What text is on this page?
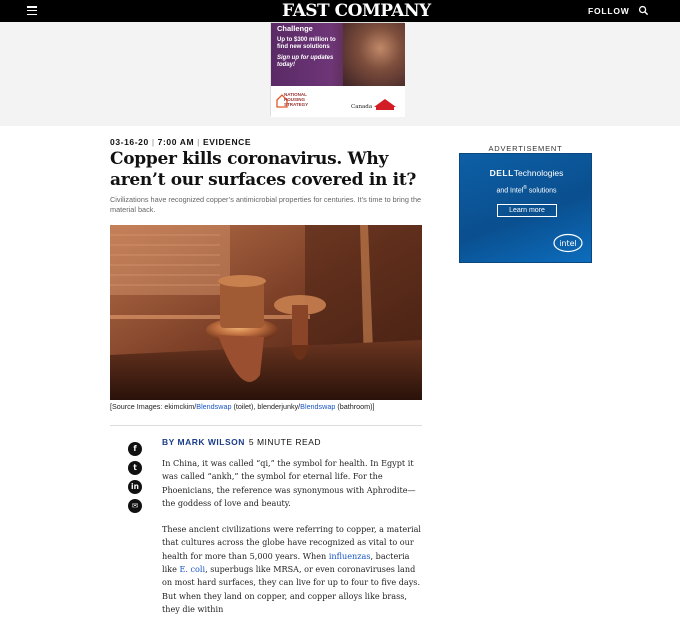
FAST COMPANY	FOLLOW
Challenge
Up to $300 million to find new solutions
Sign up for updates today!
NATIONAL HOUSING STRATEGY	Canada
03-16-20 | 7:00 AM | EVIDENCE
Copper kills coronavirus. Why aren’t our surfaces covered in it?

Civilizations have recognized copper’s antimicrobial properties for centuries. It’s time to bring the material back.

[Source Images: ekimckim/Blendswap (toilet), blenderjunky/Blendswap (bathroom)]
f
t
in
✉
BY MARK WILSON 5 MINUTE READ

In China, it was called “qi,” the symbol for health. In Egypt it was called “ankh,” the symbol for eternal life. For the Phoenicians, the reference was synonymous with Aphrodite—the goddess of love and beauty.

These ancient civilizations were referring to copper, a material that cultures across the globe have recognized as vital to our health for more than 5,000 years. When influenzas, bacteria like E. coli, superbugs like MRSA, or even coronaviruses land on most hard surfaces, they can live for up to four to five days. But when they land on copper, and copper alloys like brass, they die within

ADVERTISEMENT
DELLTechnologies
and Intel® solutions
Learn more
intel
